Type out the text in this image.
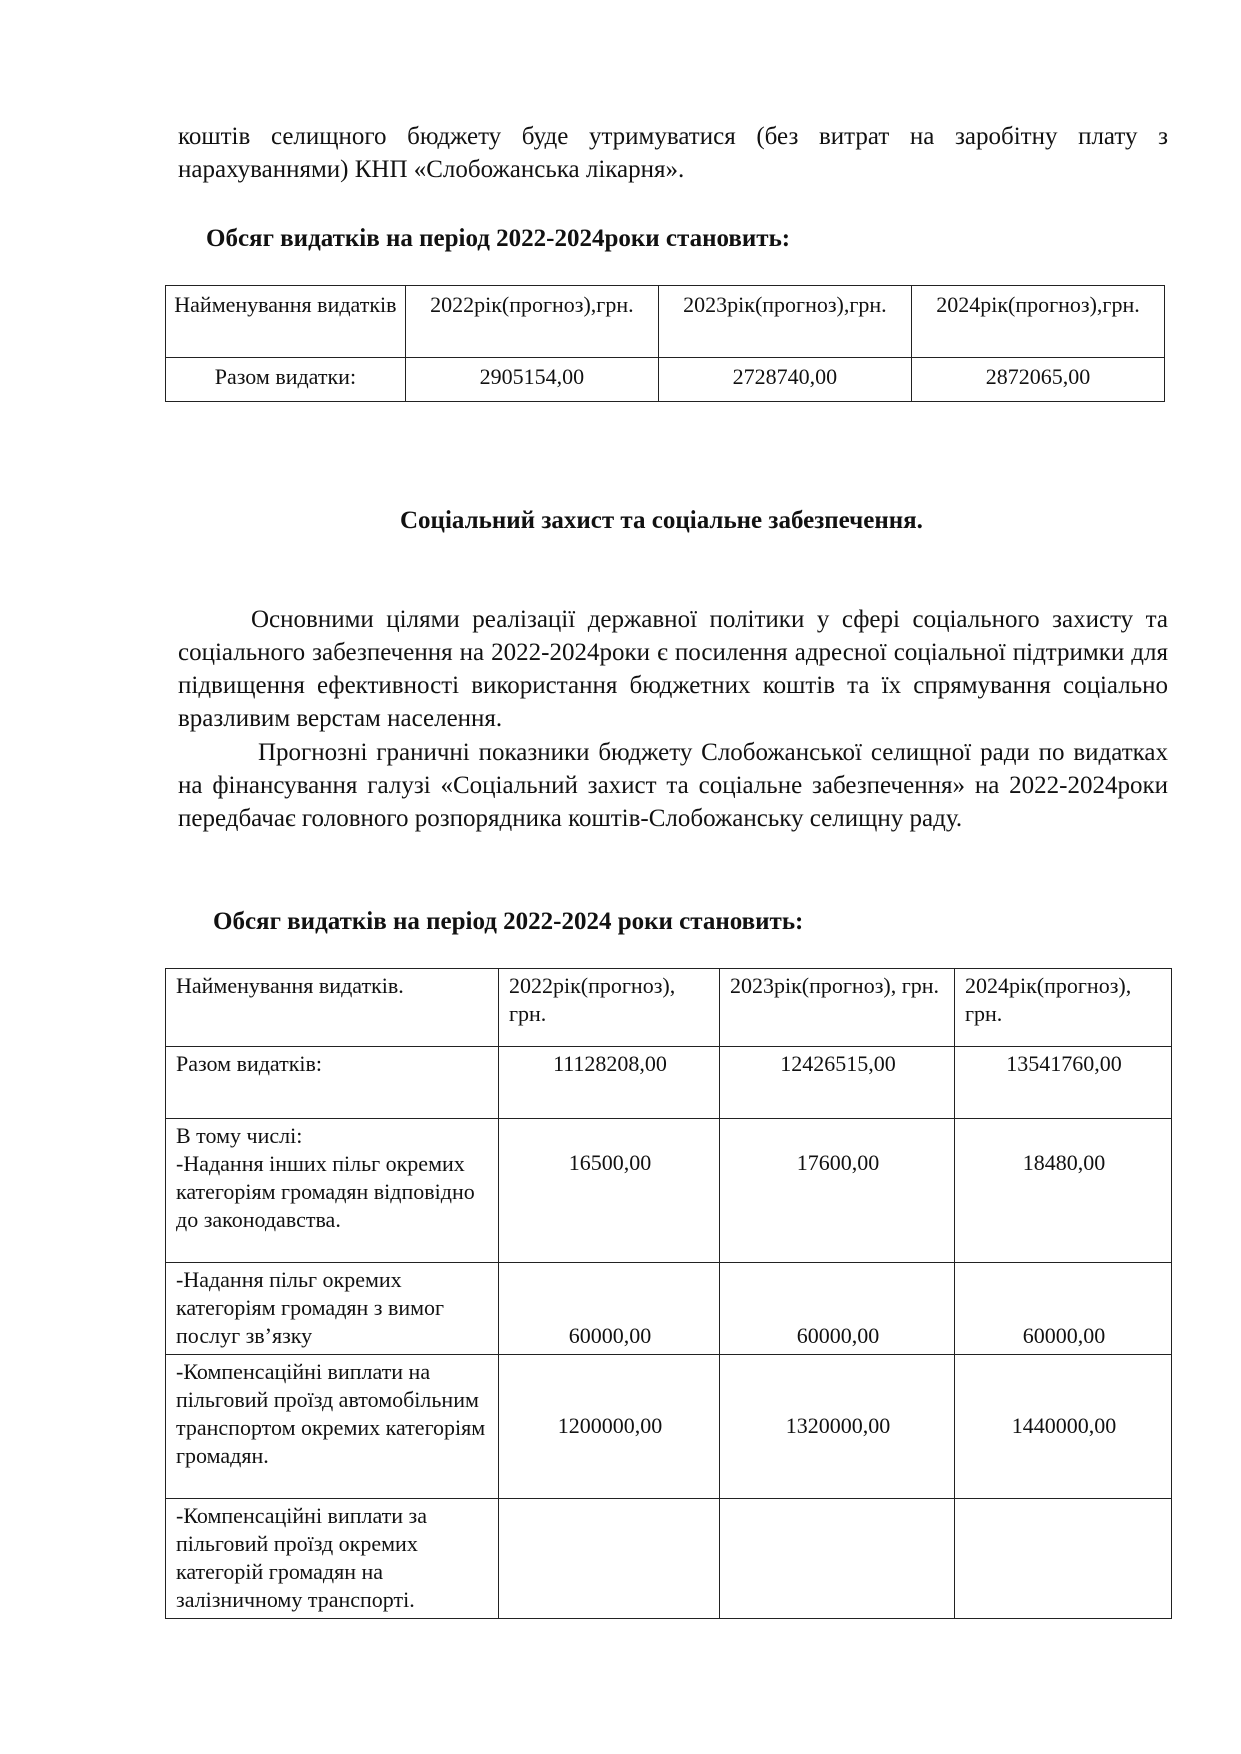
коштів селищного бюджету буде утримуватися (без витрат на заробітну плату з нарахуваннями) КНП «Слобожанська лікарня».

Обсяг видатків на період 2022-2024роки становить:

Найменування видатків	2022рік(прогноз),грн.	2023рік(прогноз),грн.	2024рік(прогноз),грн.
Разом видатки:	2905154,00	2728740,00	2872065,00

Соціальний захист та соціальне забезпечення.

Основними цілями реалізації державної політики у сфері соціального захисту та соціального забезпечення на 2022-2024роки є посилення адресної соціальної підтримки для підвищення ефективності використання бюджетних коштів та їх спрямування соціально вразливим верстам населення.

Прогнозні граничні показники бюджету Слобожанської селищної ради по видатках на фінансування галузі «Соціальний захист та соціальне забезпечення» на 2022-2024роки передбачає головного розпорядника коштів-Слобожанську селищну раду.

Обсяг видатків на період 2022-2024 роки становить:

Найменування видатків.	2022рік(прогноз), грн.	2023рік(прогноз), грн.	2024рік(прогноз), грн.
Разом видатків:	11128208,00	12426515,00	13541760,00
В тому числі:
-Надання інших пільг окремих категоріям громадян відповідно до законодавства.	16500,00	17600,00	18480,00
-Надання пільг окремих категоріям громадян з вимог послуг зв’язку	60000,00	60000,00	60000,00
-Компенсаційні виплати на пільговий проїзд автомобільним транспортом окремих категоріям громадян.	1200000,00	1320000,00	1440000,00
-Компенсаційні виплати за пільговий проїзд окремих категорій громадян на залізничному транспорті.			
